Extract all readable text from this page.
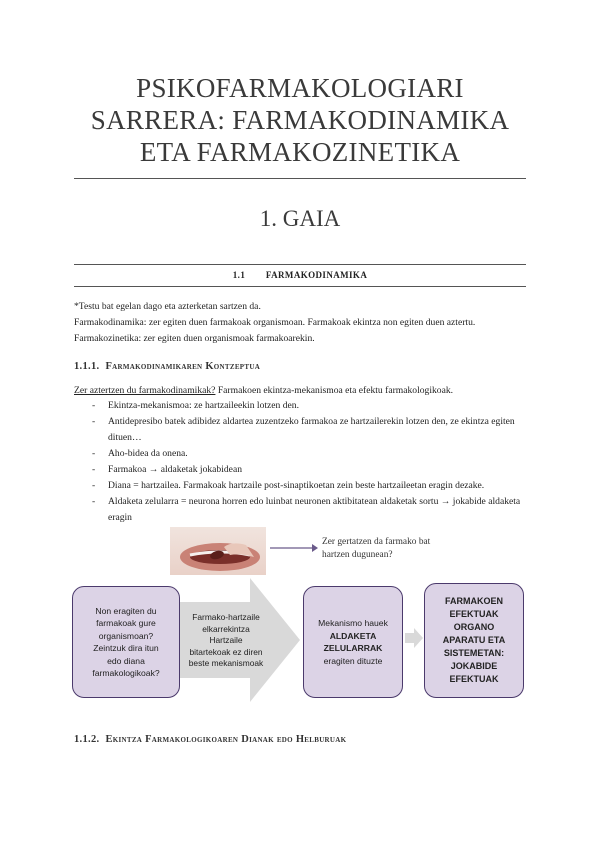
PSIKOFARMAKOLOGIARI
SARRERA: FARMAKODINAMIKA
ETA FARMAKOZINETIKA
1. GAIA
1.1 FARMAKODINAMIKA
*Testu bat egelan dago eta azterketan sartzen da.
Farmakodinamika: zer egiten duen farmakoak organismoan. Farmakoak ekintza non egiten duen aztertu.
Farmakozinetika: zer egiten duen organismoak farmakoarekin.
1.1.1. Farmakodinamikaren Kontzeptua
Zer aztertzen du farmakodinamikak? Farmakoen ekintza-mekanismoa eta efektu farmakologikoak.
- Ekintza-mekanismoa: ze hartzaileekin lotzen den.
- Antidepresibo batek adibidez aldartea zuzentzeko farmakoa ze hartzailerekin lotzen den, ze ekintza egiten dituen…
- Aho-bidea da onena.
- Farmakoa → aldaketak jokabidean
- Diana = hartzailea. Farmakoak hartzaile post-sinaptikoetan zein beste hartzaileetan eragin dezake.
- Aldaketa zelularra = neurona horren edo luinbat neuronen aktibitatean aldaketak sortu → jokabide aldaketa eragin
Zer gertatzen da farmako bat
hartzen dugunean?
Non eragiten du
farmakoak gure
organismoan?
Zeintzuk dira itun
edo diana
farmakologikoak?
Farmako-hartzaile
elkarrekintza
Hartzaile
bitartekoak ez diren
beste mekanismoak
Mekanismo hauek
ALDAKETA
ZELULARRAK
eragiten dituzte
FARMAKOEN
EFEKTUAK
ORGANO
APARATU ETA
SISTEMETAN:
JOKABIDE
EFEKTUAK
1.1.2. Ekintza Farmakologikoaren Dianak edo Helburuak
